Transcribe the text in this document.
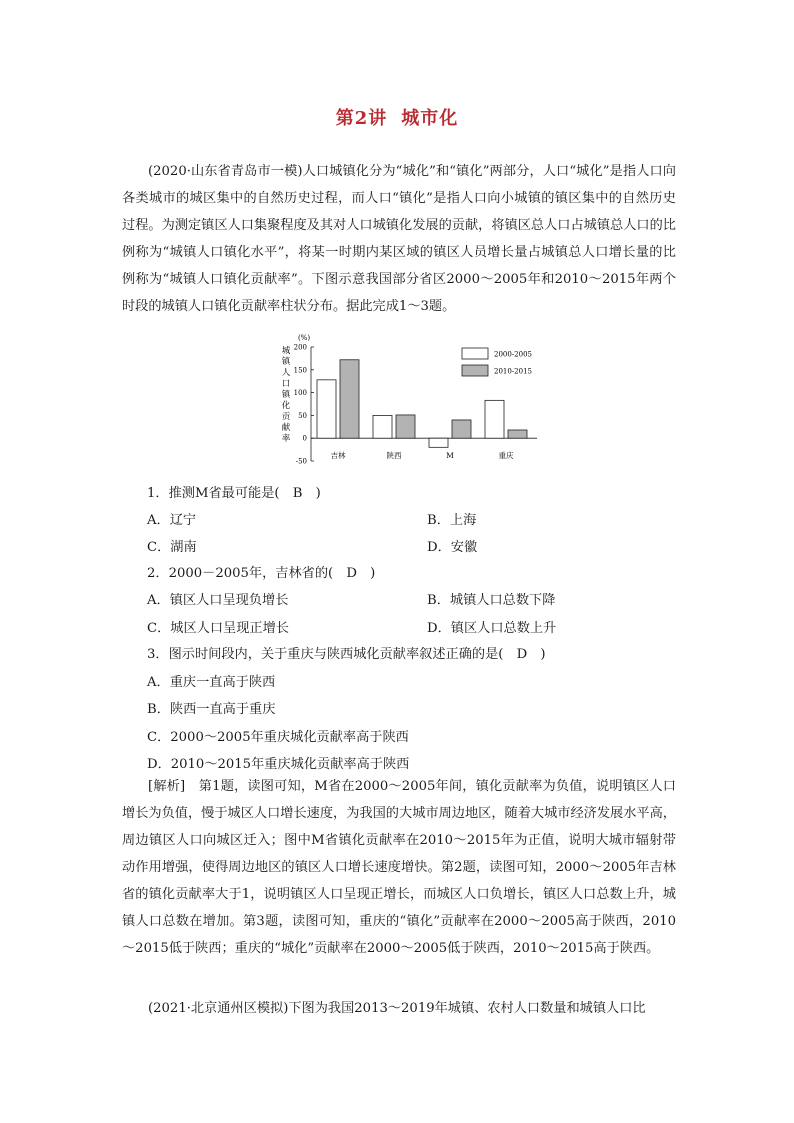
第2讲 城市化

(2020·山东省青岛市一模)人口城镇化分为“城化”和“镇化”两部分，人口“城化”是指人口向各类城市的城区集中的自然历史过程，而人口“镇化”是指人口向小城镇的镇区集中的自然历史过程。为测定镇区人口集聚程度及其对人口城镇化发展的贡献，将镇区总人口占城镇总人口的比例称为“城镇人口镇化水平”，将某一时期内某区域的镇区人员增长量占城镇总人口增长量的比例称为“城镇人口镇化贡献率”。下图示意我国部分省区2000～2005年和2010～2015年两个时段的城镇人口镇化贡献率柱状分布。据此完成1～3题。

(%)
城
镇
人
口
镇
化
贡
献
率
-50
0
50
100
150
200
吉林	陕西	M	重庆
2000-2005
2010-2015
1．推测M省最可能是(　B　)
A．辽宁	B．上海
C．湖南	D．安徽
2．2000－2005年，吉林省的(　D　)
A．镇区人口呈现负增长	B．城镇人口总数下降
C．城区人口呈现正增长	D．镇区人口总数上升
3．图示时间段内，关于重庆与陕西城化贡献率叙述正确的是(　D　)
A．重庆一直高于陕西
B．陕西一直高于重庆
C．2000～2005年重庆城化贡献率高于陕西
D．2010～2015年重庆城化贡献率高于陕西

[解析]　第1题，读图可知，M省在2000～2005年间，镇化贡献率为负值，说明镇区人口增长为负值，慢于城区人口增长速度，为我国的大城市周边地区，随着大城市经济发展水平高，周边镇区人口向城区迁入；图中M省镇化贡献率在2010～2015年为正值，说明大城市辐射带动作用增强，使得周边地区的镇区人口增长速度增快。第2题，读图可知，2000～2005年吉林省的镇化贡献率大于1，说明镇区人口呈现正增长，而城区人口负增长，镇区人口总数上升，城镇人口总数在增加。第3题，读图可知，重庆的“镇化”贡献率在2000～2005高于陕西，2010～2015低于陕西；重庆的“城化”贡献率在2000～2005低于陕西，2010～2015高于陕西。

(2021·北京通州区模拟)下图为我国2013～2019年城镇、农村人口数量和城镇人口比
